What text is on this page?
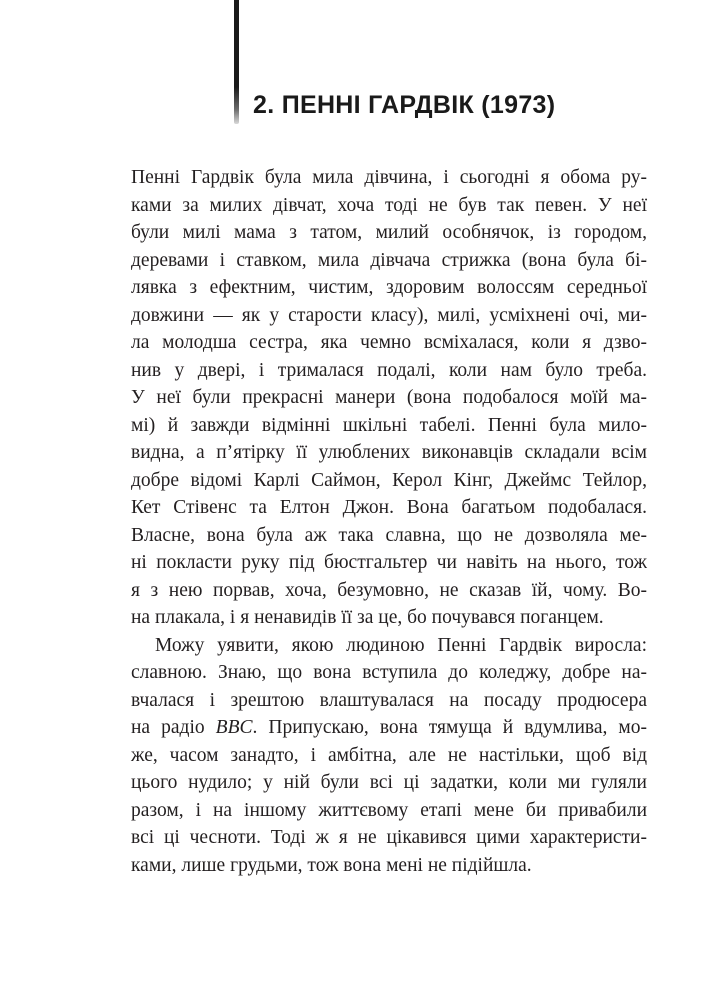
2. ПЕННІ ГАРДВІК (1973)
Пенні Гардвік була мила дівчина, і сьогодні я обома ру-
ками за милих дівчат, хоча тоді не був так певен. У неї
були милі мама з татом, милий особнячок, із городом,
деревами і ставком, мила дівчача стрижка (вона була бі-
лявка з ефектним, чистим, здоровим волоссям середньої
довжини — як у старости класу), милі, усміхнені очі, ми-
ла молодша сестра, яка чемно всміхалася, коли я дзво-
нив у двері, і трималася подалі, коли нам було треба.
У неї були прекрасні манери (вона подобалося моїй ма-
мі) й завжди відмінні шкільні табелі. Пенні була мило-
видна, а п’ятірку її улюблених виконавців складали всім
добре відомі Карлі Саймон, Керол Кінг, Джеймс Тейлор,
Кет Стівенс та Елтон Джон. Вона багатьом подобалася.
Власне, вона була аж така славна, що не дозволяла ме-
ні покласти руку під бюстгальтер чи навіть на нього, тож
я з нею порвав, хоча, безумовно, не сказав їй, чому. Во-
на плакала, і я ненавидів її за це, бо почувався поганцем.
Можу уявити, якою людиною Пенні Гардвік виросла:
славною. Знаю, що вона вступила до коледжу, добре на-
вчалася і зрештою влаштувалася на посаду продюсера
на радіо BBC. Припускаю, вона тямуща й вдумлива, мо-
же, часом занадто, і амбітна, але не настільки, щоб від
цього нудило; у ній були всі ці задатки, коли ми гуляли
разом, і на іншому життєвому етапі мене би привабили
всі ці чесноти. Тоді ж я не цікавився цими характеристи-
ками, лише грудьми, тож вона мені не підійшла.
